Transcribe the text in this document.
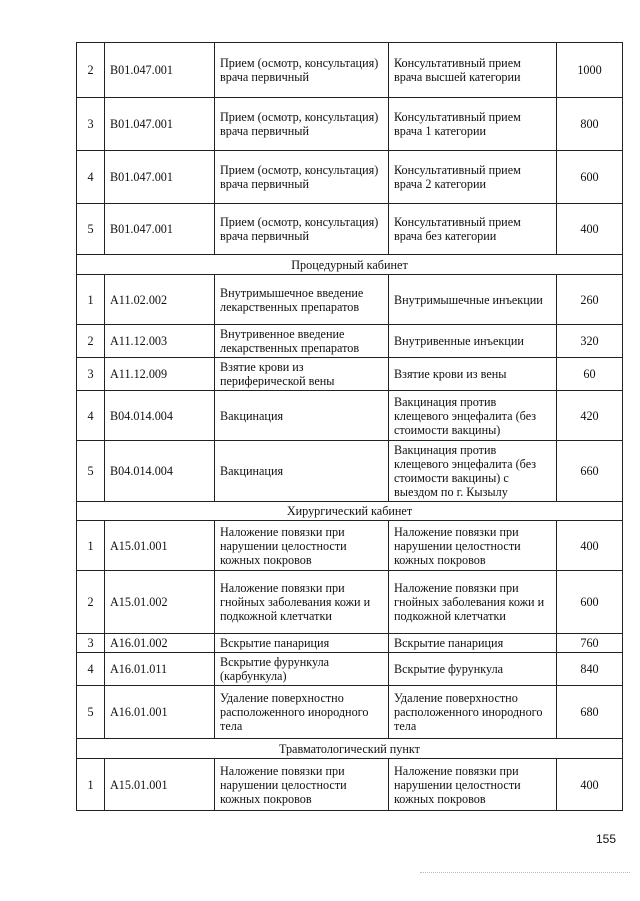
2	B01.047.001	Прием (осмотр, консультация) врача первичный	Консультативный прием врача высшей категории	1000
3	B01.047.001	Прием (осмотр, консультация) врача первичный	Консультативный прием врача 1 категории	800
4	B01.047.001	Прием (осмотр, консультация) врача первичный	Консультативный прием врача 2 категории	600
5	B01.047.001	Прием (осмотр, консультация) врача первичный	Консультативный прием врача без категории	400
Процедурный кабинет				
1	A11.02.002	Внутримышечное введение лекарственных препаратов	Внутримышечные инъекции	260
2	A11.12.003	Внутривенное введение лекарственных препаратов	Внутривенные инъекции	320
3	A11.12.009	Взятие крови из периферической вены	Взятие крови из вены	60
4	B04.014.004	Вакцинация	Вакцинация против клещевого энцефалита (без стоимости вакцины)	420
5	B04.014.004	Вакцинация	Вакцинация против клещевого энцефалита (без стоимости вакцины) с выездом по г. Кызылу	660
Хирургический кабинет				
1	A15.01.001	Наложение повязки при нарушении целостности кожных покровов	Наложение повязки при нарушении целостности кожных покровов	400
2	A15.01.002	Наложение повязки при гнойных заболевания кожи и подкожной клетчатки	Наложение повязки при гнойных заболевания кожи и подкожной клетчатки	600
3	A16.01.002	Вскрытие панариция	Вскрытие панариция	760
4	A16.01.011	Вскрытие фурункула (карбункула)	Вскрытие фурункула	840
5	A16.01.001	Удаление поверхностно расположенного инородного тела	Удаление поверхностно расположенного инородного тела	680
Травматологический пункт				
1	A15.01.001	Наложение повязки при нарушении целостности кожных покровов	Наложение повязки при нарушении целостности кожных покровов	400
155
